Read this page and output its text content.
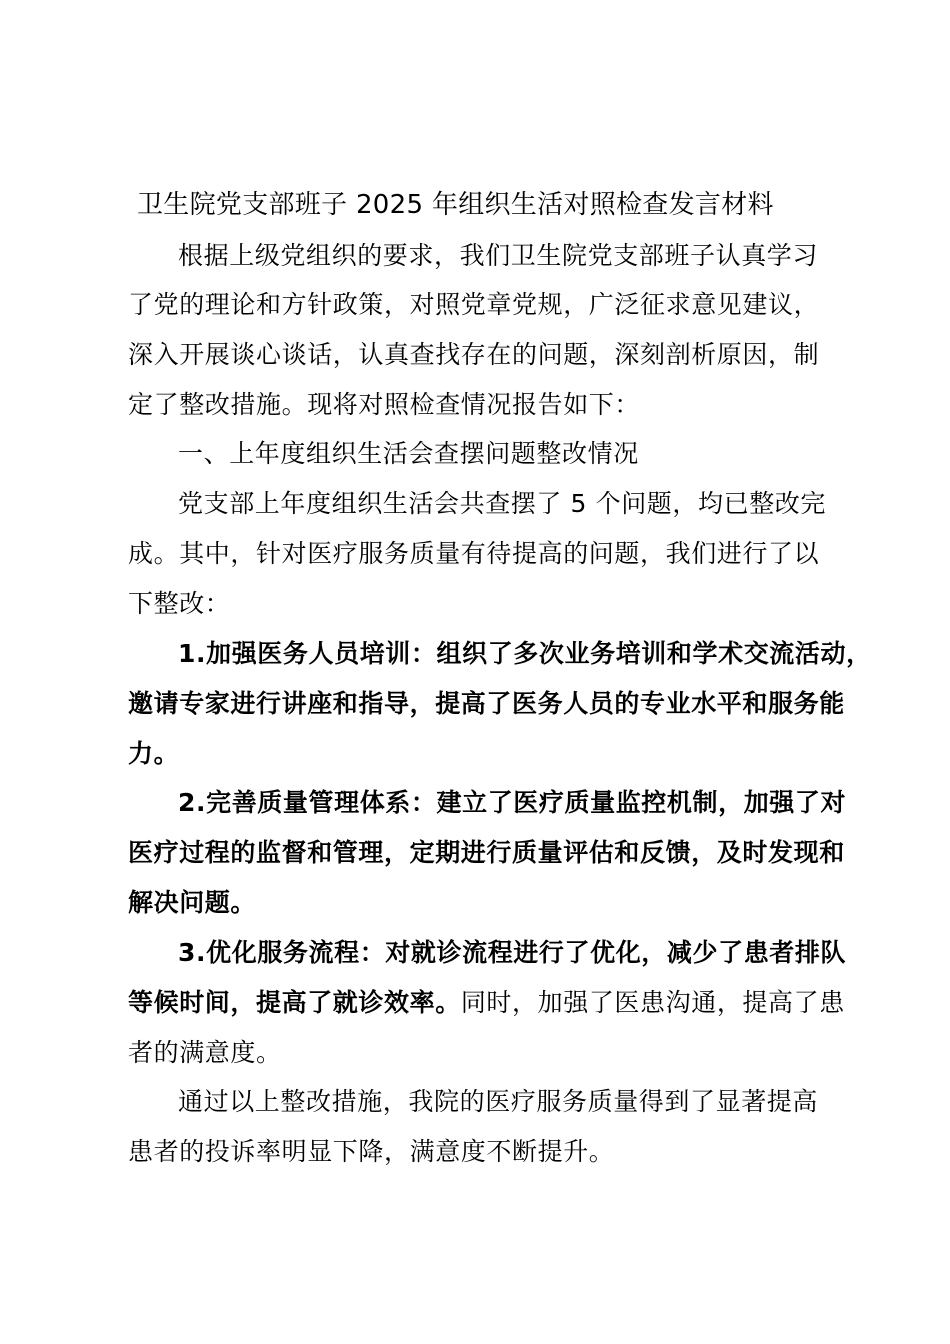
卫生院党支部班子 2025 年组织生活对照检查发言材料

根据上级党组织的要求，我们卫生院党支部班子认真学习

了党的理论和方针政策，对照党章党规，广泛征求意见建议，

深入开展谈心谈话，认真查找存在的问题，深刻剖析原因，制

定了整改措施。现将对照检查情况报告如下：

一、上年度组织生活会查摆问题整改情况

党支部上年度组织生活会共查摆了 5 个问题，均已整改完

成。其中，针对医疗服务质量有待提高的问题，我们进行了以

下整改：

1.加强医务人员培训：组织了多次业务培训和学术交流活动，

邀请专家进行讲座和指导，提高了医务人员的专业水平和服务能

力。

2.完善质量管理体系：建立了医疗质量监控机制，加强了对

医疗过程的监督和管理，定期进行质量评估和反馈，及时发现和

解决问题。

3.优化服务流程：对就诊流程进行了优化，减少了患者排队

等候时间，提高了就诊效率。同时，加强了医患沟通，提高了患

者的满意度。

通过以上整改措施，我院的医疗服务质量得到了显著提高

患者的投诉率明显下降，满意度不断提升。
